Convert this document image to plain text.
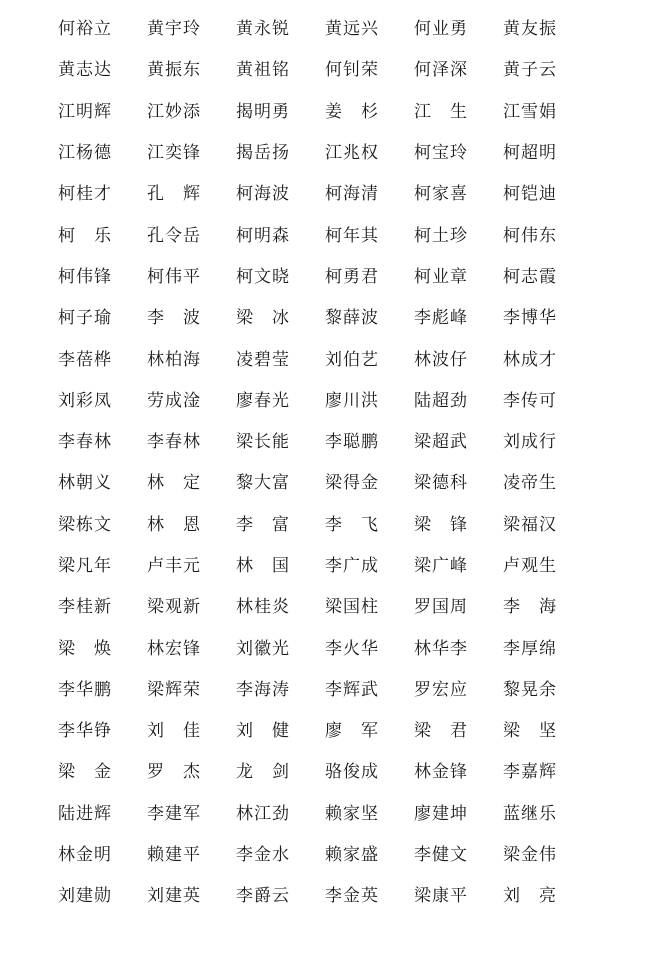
何裕立	黄宇玲	黄永锐	黄远兴	何业勇	黄友振
黄志达	黄振东	黄祖铭	何钊荣	何泽深	黄子云
江明辉	江妙添	揭明勇	姜　杉	江　生	江雪娟
江杨德	江奕锋	揭岳扬	江兆权	柯宝玲	柯超明
柯桂才	孔　辉	柯海波	柯海清	柯家喜	柯铠迪
柯　乐	孔令岳	柯明森	柯年其	柯土珍	柯伟东
柯伟锋	柯伟平	柯文晓	柯勇君	柯业章	柯志霞
柯子瑜	李　波	梁　冰	黎薛波	李彪峰	李博华
李蓓桦	林柏海	凌碧莹	刘伯艺	林波仔	林成才
刘彩凤	劳成淦	廖春光	廖川洪	陆超劲	李传可
李春林	李春林	梁长能	李聪鹏	梁超武	刘成行
林朝义	林　定	黎大富	梁得金	梁德科	凌帝生
梁栋文	林　恩	李　富	李　飞	梁　锋	梁福汉
梁凡年	卢丰元	林　国	李广成	梁广峰	卢观生
李桂新	梁观新	林桂炎	梁国柱	罗国周	李　海
梁　焕	林宏锋	刘徽光	李火华	林华李	李厚绵
李华鹏	梁辉荣	李海涛	李辉武	罗宏应	黎晃余
李华铮	刘　佳	刘　健	廖　军	梁　君	梁　坚
梁　金	罗　杰	龙　剑	骆俊成	林金锋	李嘉辉
陆进辉	李建军	林江劲	赖家坚	廖建坤	蓝继乐
林金明	赖建平	李金水	赖家盛	李健文	梁金伟
刘建勋	刘建英	李爵云	李金英	梁康平	刘　亮
